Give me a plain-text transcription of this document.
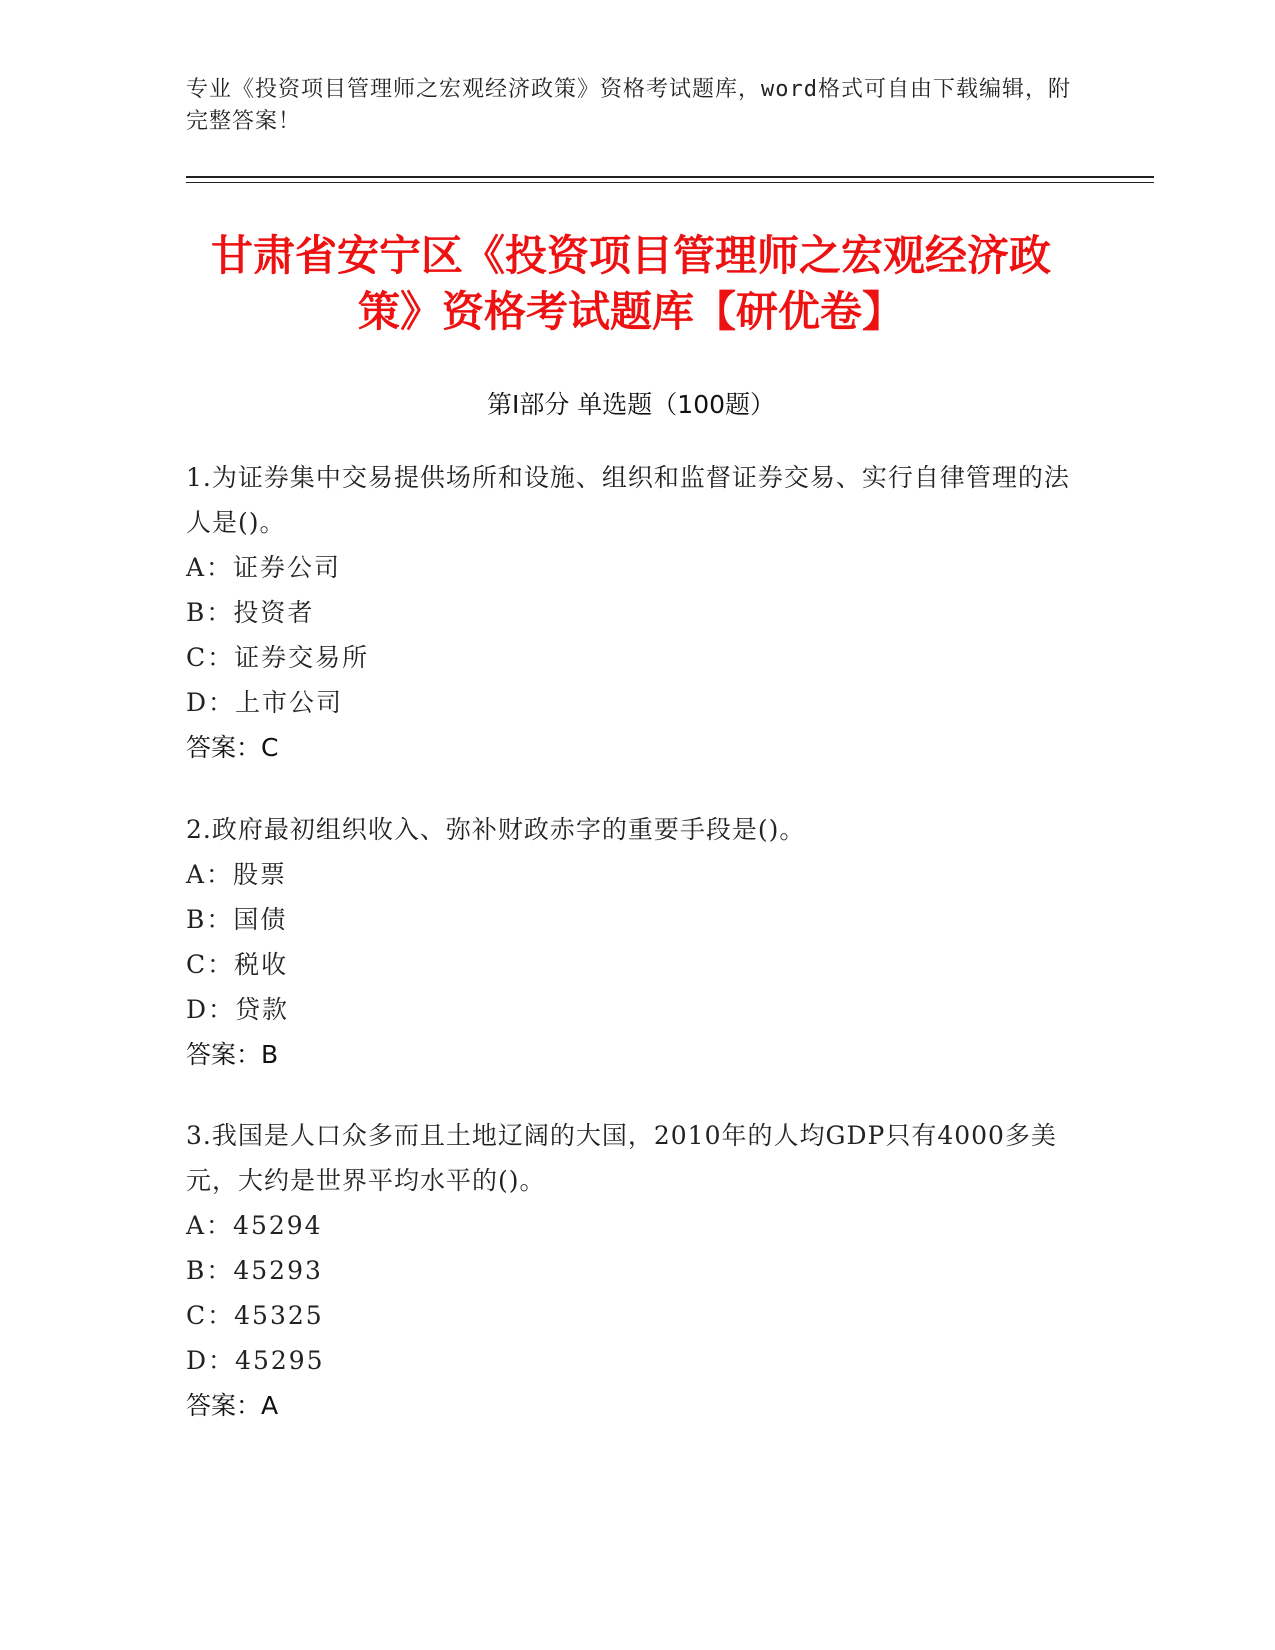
专业《投资项目管理师之宏观经济政策》资格考试题库，word格式可自由下载编辑，附完整答案！
甘肃省安宁区《投资项目管理师之宏观经济政策》资格考试题库【研优卷】
第I部分 单选题（100题）

1.为证券集中交易提供场所和设施、组织和监督证券交易、实行自律管理的法人是()。

A：证券公司

B：投资者

C：证券交易所

D：上市公司

答案：C

2.政府最初组织收入、弥补财政赤字的重要手段是()。

A：股票

B：国债

C：税收

D：贷款

答案：B

3.我国是人口众多而且土地辽阔的大国，2010年的人均GDP只有4000多美元，大约是世界平均水平的()。

A：45294

B：45293

C：45325

D：45295

答案：A
